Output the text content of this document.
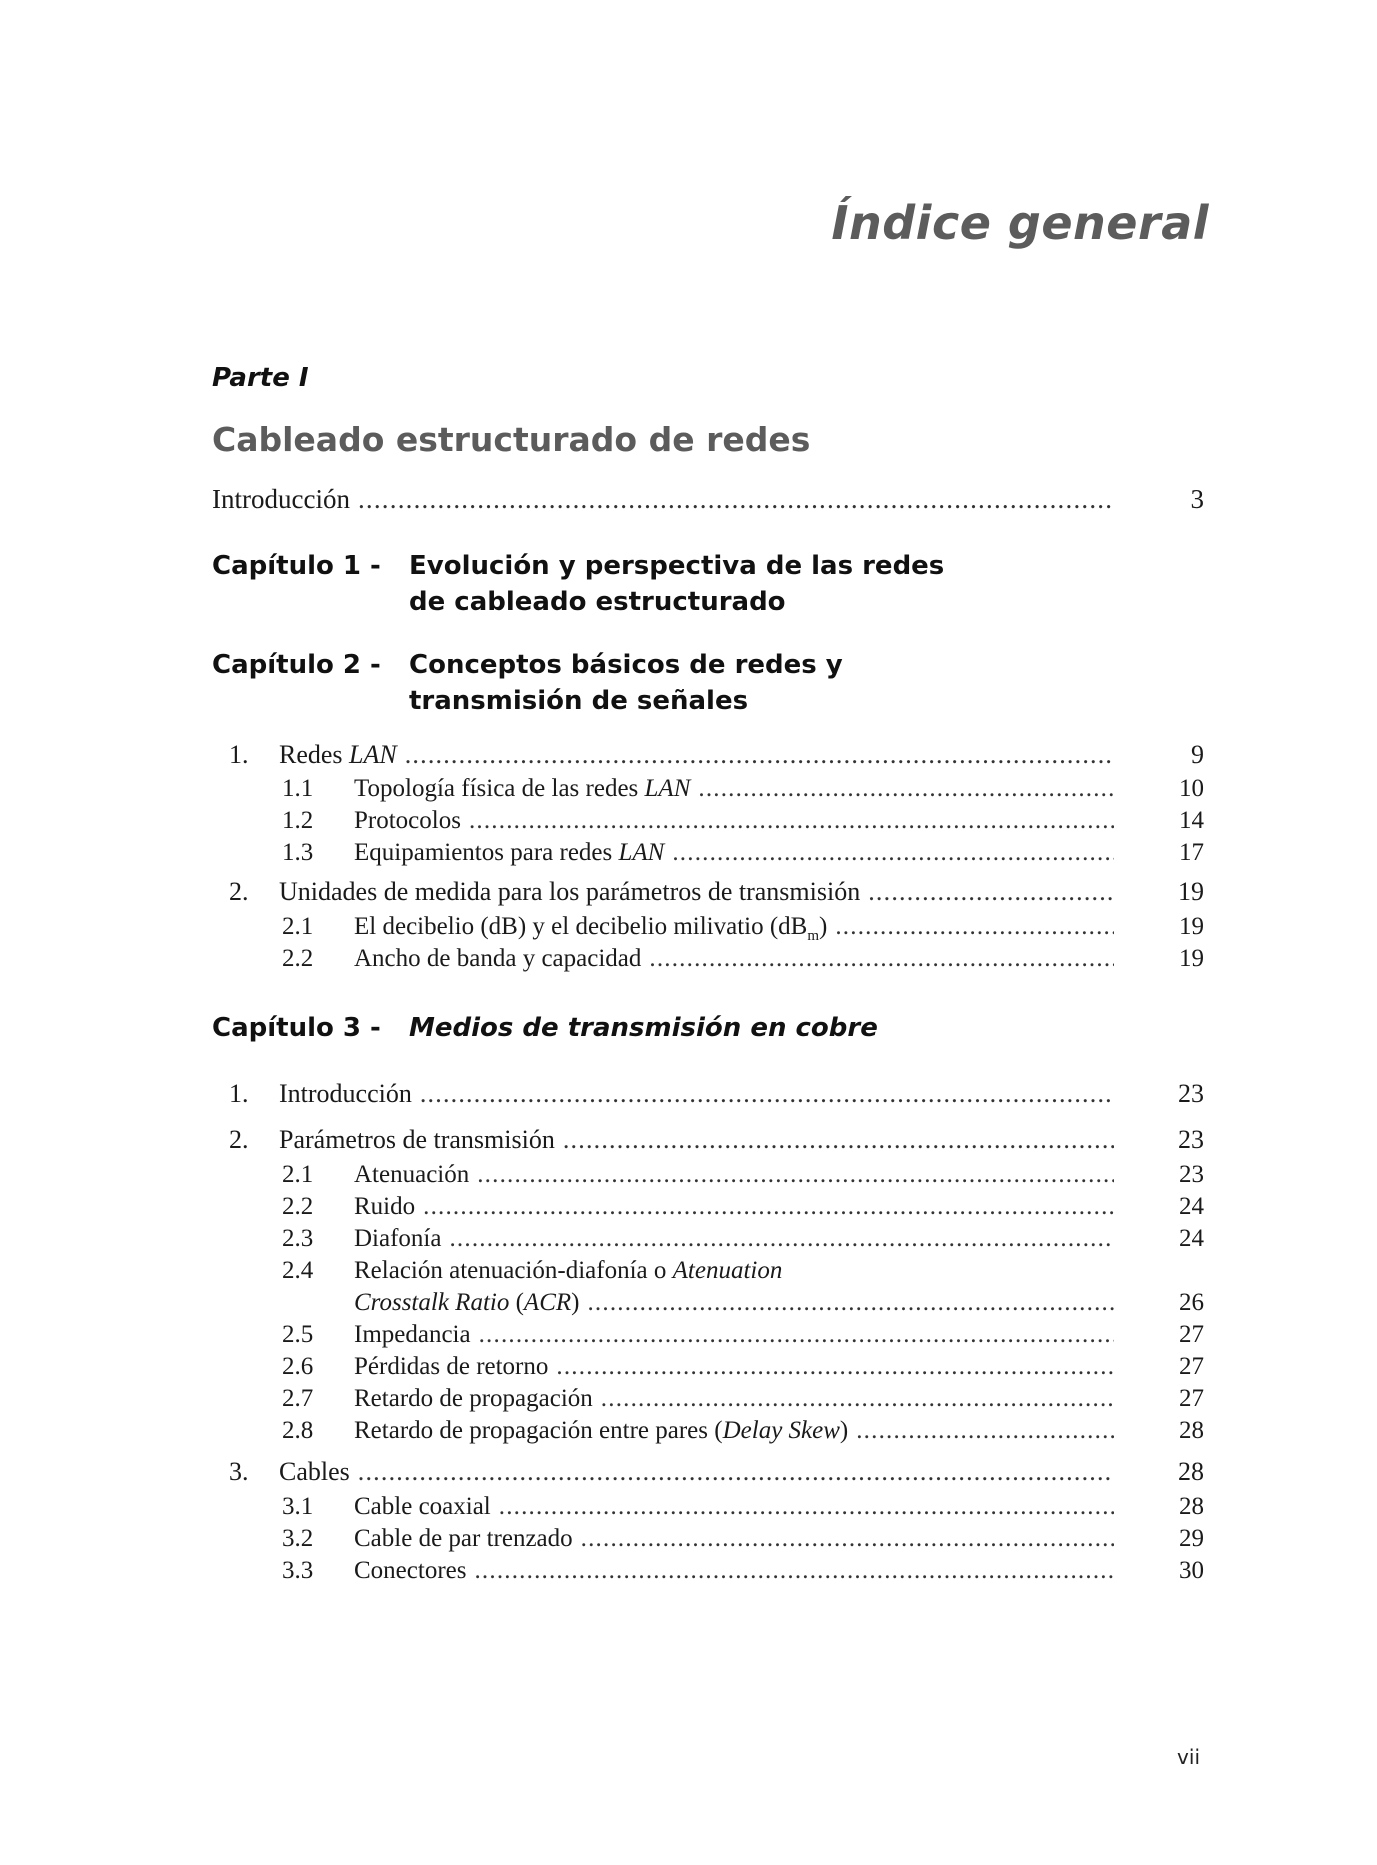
Índice general
Parte I
Cableado estructurado de redes
Introducción .....	3
Capítulo 1 - Evolución y perspectiva de las redes
de cableado estructurado
Capítulo 2 - Conceptos básicos de redes y
transmisión de señales
1. Redes LAN .....	9
1.1 Topología física de las redes LAN .....	10
1.2 Protocolos .....	14
1.3 Equipamientos para redes LAN .....	17
2. Unidades de medida para los parámetros de transmisión .....	19
2.1 El decibelio (dB) y el decibelio milivatio $(dB_m)$ .....	19
2.2 Ancho de banda y capacidad .....	19
Capítulo 3 - Medios de transmisión en cobre
1. Introducción .....	23
2. Parámetros de transmisión .....	23
2.1 Atenuación .....	23
2.2 Ruido .....	24
2.3 Diafonía .....	24
2.4 Relación atenuación-diafonía o Atenuation
Crosstalk Ratio (ACR) .....	26
2.5 Impedancia .....	27
2.6 Pérdidas de retorno .....	27
2.7 Retardo de propagación .....	27
2.8 Retardo de propagación entre pares (Delay Skew) .....	28
3. Cables .....	28
3.1 Cable coaxial .....	28
3.2 Cable de par trenzado .....	29
3.3 Conectores .....	30
vii
